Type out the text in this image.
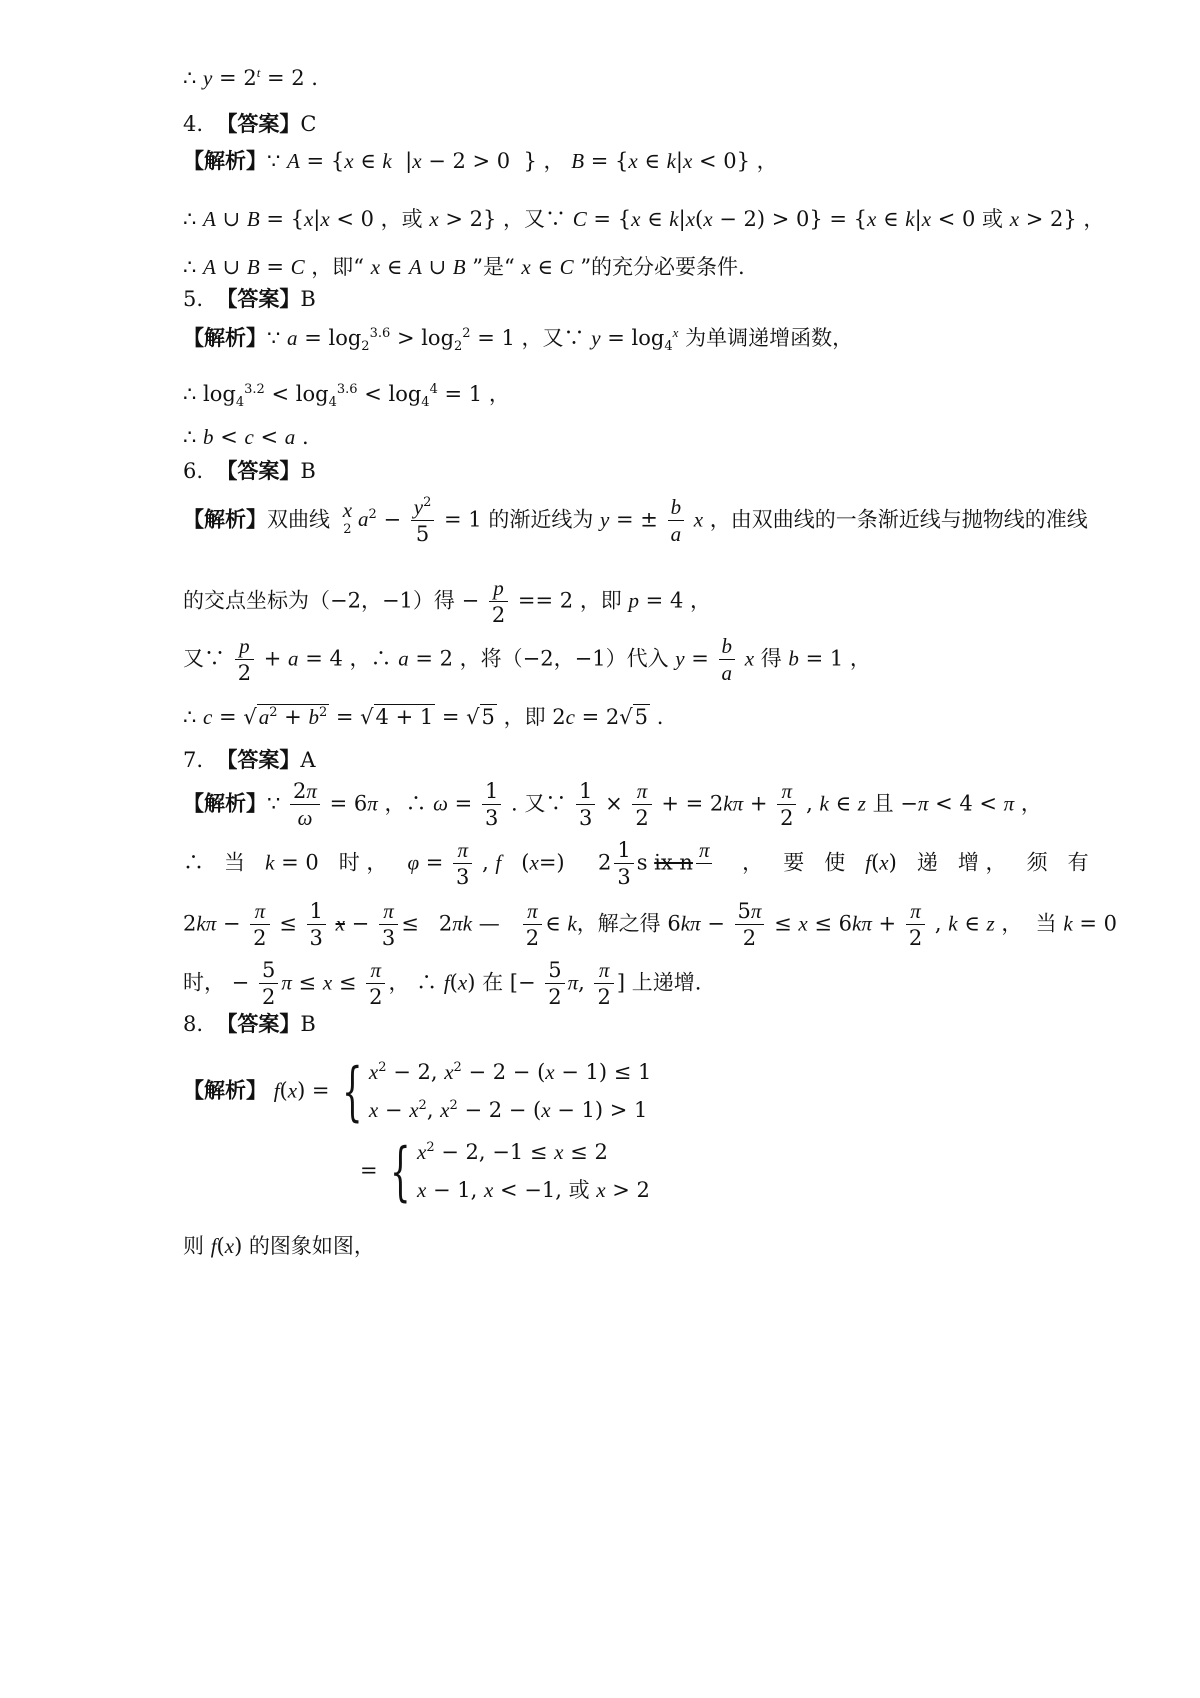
∴ $y = 2^t = 2$ .
4.  【答案】C
【解析】∵ A = {x ∈ k  |x − 2 > 0  } ， B = {x ∈ k|x < 0} ，
∴ A ∪ B = {x|x < 0 ，或 x > 2} ，又∵ C = {x ∈ k|x(x − 2) > 0} = {x ∈ k|x < 0 或 x > 2} ，
∴ A ∪ B = C ，即“ x ∈ A ∪ B ”是“ x ∈ C ”的充分必要条件.
5.  【答案】B
【解析】∵ $a = \log_2^{3.6} > \log_2^2 = 1$ ，又∵ $y = \log_4^x$ 为单调递增函数，
∴ $\log_4^{3.2} < \log_4^{3.6} < \log_4^4 = 1$ ，
∴ b < c < a .
6.  【答案】B
【解析】双曲线 x
$^2$ $a^2 - \frac{y^2}{5} = 1$ 的渐近线为 y = ± $\frac{b}{a}$ x ，由双曲线的一条渐近线与抛物线的准线
的交点坐标为（−2，−1）得 − $\frac{p}{2} == 2$ ，即 p = 4 ，
又∵ $\frac{p}{2} + a = 4$ ，∴ a = 2 ，将（−2，−1）代入 $y = \frac{b}{a}$ x 得 b = 1 ，
∴ $c = √a^2 + b^2 = √4 + 1 = √5$ ，即 2c = 2√5 .
7.  【答案】A
【解析】∵ $\frac{2\pi}{\omega} = 6\pi$ ，∴ $\omega = \frac{1}{3}$ . 又∵ $\frac{1}{3} \times \frac{\pi}{2}$ + = $2k\pi + \frac{\pi}{2}$ , k ∈ z 且 −π < 4 < π ，
∴   当   k = 0   时 ，   $\varphi = \frac{\pi}{3}$ , f   (x=)     $2 \frac{1}{3}$ s ix n
π

，   要   使   f(x)   递   增 ，   须   有
$2k\pi - \frac{\pi}{2} \le \frac{1}{3}$ $x - \frac{\pi}{3} \le 2\pi k$ — $\frac{\pi}{2}$ ∈ k，解之得 $6k\pi - \frac{5\pi}{2} \le x \le 6k\pi + \frac{\pi}{2}$ , k ∈ z ，  当 k = 0
时， − $\frac{5}{2}$ $\pi \le x \le \frac{\pi}{2}$ ， ∴ f(x) 在 [− $\frac{5}{2} \pi$, $\frac{\pi}{2}$ ] 上递增.
8.  【答案】B
【解析】 f(x) = { $x^2 - 2$, $x^2 - 2 - (x - 1) \le 1$
$x - x^2$, $x^2 - 2 - (x - 1) > 1$
= { $x^2 - 2$, −1 ≤ x ≤ 2
x − 1, x < −1, 或 x > 2
则 f(x) 的图象如图，
